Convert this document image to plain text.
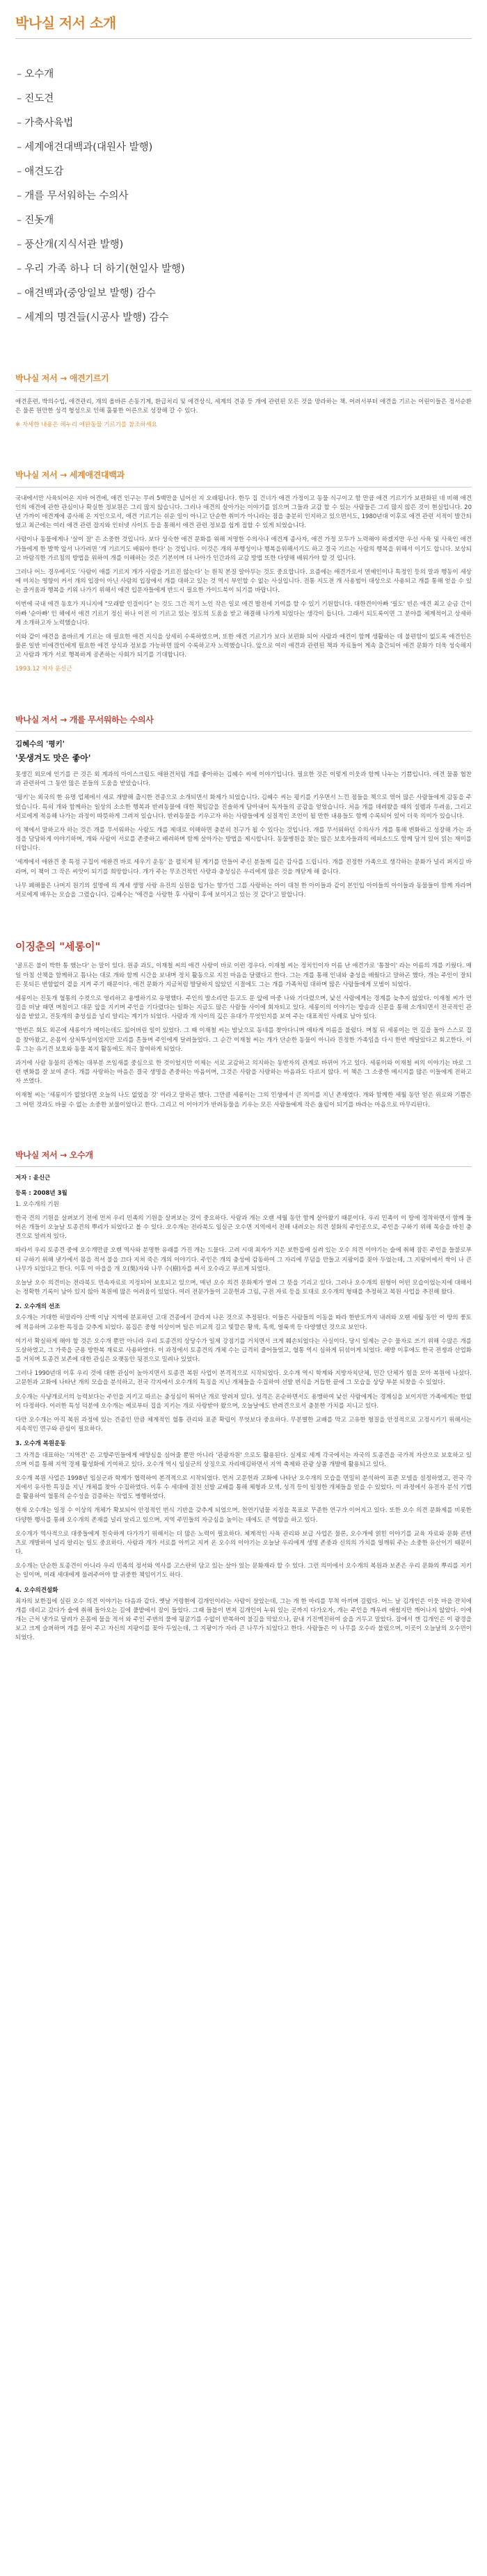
박나실 저서 소개
– 오수개
– 진도견
– 가축사육법
– 세계애견대백과(대원사 발행)
– 애견도감
– 개를 무서워하는 수의사
– 진돗개
– 풍산개(지식서관 발행)
– 우리 가족 하나 더 하기(현일사 발행)
– 애견백과(중앙일보 발행) 감수
– 세계의 명견들(시공사 발행) 감수
박나실 저서 → 애견기르기

애견훈련, 박의수입, 애견관리, 개의 올바른 손동기계, 환급처리 및 애견상식, 세계의 견종 등 개에 관련된 모든 것을 망라하는 책. 어려서부터 애견을 기르는 어린이들은 정서순환은 물론 원만한 성격 형성으로 인해 훌륭한 어른으로 성장해 갈 수 있다.

※ 자세한 내용은 해누리 애완동물 기르기를 참조하세요

박나실 저서 → 세계애견대백과

국내에서만 사육되어온 지마 어견에, 애견 인구는 무려 5백만을 넘어선 지 오래됩니다. 한두 집 건너가 애견 가정이고 동물 식구이고 함 만큼 애견 기르기가 보편화된 네 비해 애견인의 애견에 관한 관심이나 확실한 정보원은 그리 많지 않습니다. 그러나 애견의 살아가는 이야기를 읽으며 그들과 교감 할 수 있는 사람들은 그리 많지 않은 것이 현실입니다. 20년 가까이 애견계에 종사해 온 지인으로서, 애견 기르기는 쉬운 일이 아니고 단순한 취미가 아니라는 점을 충분히 인지하고 있으면서도, 1980년대 이후로 애견 관련 서적이 발간되었고 최근에는 여러 애견 관련 잡지와 인터넷 사이트 등을 통해서 애견 관련 정보를 쉽게 접할 수 있게 되었습니다.

사람이나 동물에게나 '살이 잘' 은 소중한 것입니다. 보다 성숙한 애견 문화를 위해 저명한 수의사나 애견계 종사자, 애견 가정 모두가 노력해야 하겠지만 우선 사육 및 사육인 애견가들에게 한 발짝 앞서 나가려면 '개 기르기도 배워야 한다' 는 것입니다. 이것은 개의 부행성이나 행복을위해서기도 하고 결국 기르는 사람의 행복을 위해서 이기도 합니다. 보상되고 바람직한 가르침의 방법을 위하여 개를 이해하는 것은 기본이며 더 나아가 인간과의 교감 방법 또한 다양해 배워가야 할 것 입니다.

그러나 어느 경우에서도 '사람이 애를 기르지 개가 사람을 기르진 않는다' 는 원칙 본질 알아두는 것도 중요합니다. 요즘에는 애견가로서 연예인이나 특정인 등의 말과 행동이 세상에 미치는 영향이 커서 개의 입장이 아닌 사람의 입장에서 개를 대하고 있는 것 역시 부인할 수 없는 사실입니다. 전통 지도전 개 사용범이 대상으로 사용되고 개를 통해 얻을 수 있는 즐거움과 행복을 키워 나가기 위해서 애견 입문자들에게 반드시 필요한 가이드북이 되기를 바랍니다.

이번에 국내 애견 동호가 지니지에 "모래밭 인걸이다" 는 것도 그간 적기 노인 작은 일로 애견 발전에 기여를 할 수 있기 기원합니다. 대한견이아빠 '필도' 빈은 애견 최고 순금 간이아빠 '순아빠' 인 해에서 애견 기르기 정신 하나 이전 이 기르고 있는 정도의 도움을 받고 해결해 나가게 되었다는 생각이 듭니다. 그래서 되도록이면 그 분야를 체계적이고 상세하게 소개하고자 노력했습니다.

이와 같이 애견을 올바르게 기르는 데 필요한 애견 지식을 상세히 수록하였으며, 또한 애견 기르기가 보다 보편화 되어 사람과 애견이 함께 생활하는 데 불편함이 없도록 애견인은 물론 일반 비애견인에게 필요한 애견 상식과 정보를 가능하면 많이 수록하고자 노력했습니다. 앞으로 여러 애견과 관련된 책과 자료들이 계속 출간되어 애견 문화가 더욱 성숙해지고 사람과 개가 서로 행복하게 공존하는 사회가 되기를 기대합니다.

1993.12 저자 윤신근

박나실 저서 → 개를 무서워하는 수의사
김혜수의 '평키'
'못생겨도 맛은 좋아'

못생긴 외모에 인기를 끈 것은 외 계과의 아이스크림도 애완견처럼 개를 좋아하는 김혜수 씨에 이야기입니다. 필요한 것은 이렇게 이웃과 함께 나누는 기쁨입니다. 애견 물품 협찬과 관련하여 그 동안 많은 분들의 도움을 받았습니다.

'평키'는 외국의 한 유명 업체에서 새로 개발해 출시한 견종으로 소개되면서 화제가 되었습니다. 김혜수 씨는 평키를 키우면서 느낀 점들을 책으로 엮어 많은 사람들에게 감동을 주었습니다. 특히 개와 함께하는 일상의 소소한 행복과 반려동물에 대한 책임감을 진솔하게 담아내어 독자들의 공감을 얻었습니다. 처음 개를 데려왔을 때의 설렘과 두려움, 그리고 서로에게 적응해 나가는 과정이 따뜻하게 그려져 있습니다. 반려동물을 키우고자 하는 사람들에게 실질적인 조언이 될 만한 내용들도 함께 수록되어 있어 더욱 의미가 있습니다.

이 책에서 말하고자 하는 것은 개를 무서워하는 사람도 개를 제대로 이해하면 충분히 친구가 될 수 있다는 것입니다. 개를 무서워하던 수의사가 개를 통해 변화하고 성장해 가는 과정을 담담하게 이야기하며, 개와 사람이 서로를 존중하고 배려하며 함께 살아가는 방법을 제시합니다. 동물병원을 찾는 많은 보호자들과의 에피소드도 함께 담겨 있어 읽는 재미를 더합니다.

'세계에서 애완견 중 특정 구집이 애완견 바로 세우기 운동' 을 펼치게 된 계기를 만들어 주신 분들께 깊은 감사를 드립니다. 개를 진정한 가족으로 생각하는 문화가 널리 퍼지길 바라며, 이 책이 그 작은 씨앗이 되기를 희망합니다. 개가 주는 무조건적인 사랑과 충성심은 우리에게 많은 것을 깨닫게 해 줍니다.

나무 폐해물은 나머지 원기의 설명에 의 계세 생명 사랑 유진의 실원을 입가는 향가인 그를 사랑하는 아이 대천 한 아이들과 같이 본인입 아이들의 아이들과 동물들이 함께 자라며 서로에게 배우는 모습을 그렸습니다. 김혜수는 '애견을 사랑한 후 사람이 후에 보이지고 있는 것 같다'고 말합니다.

이징춘의 "세롱이"

'골프든 불이 박한 통 했는다' 는 말이 있다. 원종 과도, 이재철 씨의 애견 사랑이 바로 이런 경우다. 이재철 씨는 정치인이자 이름 난 애견가로 '통찰이' 라는 이름의 개를 키웠다. 매일 아침 산책을 함께하고 틈나는 대로 개와 함께 시간을 보내며 정치 활동으로 지친 마음을 달랬다고 한다. 그는 개를 통해 인내와 충성을 배웠다고 말하곤 했다. 개는 주인이 잘되든 못되든 변함없이 곁을 지켜 주기 때문이다. 애견 문화가 지금처럼 발달하지 않았던 시절에도 그는 개를 가족처럼 대하며 많은 사람들에게 모범이 되었다.

세롱이는 진돗개 혈통의 수컷으로 영리하고 용맹하기로 유명했다. 주인의 발소리만 듣고도 문 앞에 마중 나와 기다렸으며, 낯선 사람에게는 경계를 늦추지 않았다. 이재철 씨가 먼 길을 떠날 때면 며칠이고 대문 앞을 지키며 주인을 기다렸다는 일화는 지금도 많은 사람들 사이에 회자되고 있다. 세롱이의 이야기는 방송과 신문을 통해 소개되면서 전국적인 관심을 받았고, 진돗개의 충성심을 널리 알리는 계기가 되었다. 사람과 개 사이의 깊은 유대가 무엇인지를 보여 주는 대표적인 사례로 남아 있다.

'한번은 회도 외곤에 세롱이가 메이는데도 잃어버린 일이 있었다. 그 때 이재철 씨는 밤낮으로 동네를 찾아다니며 애타게 이름을 불렀다. 며칠 뒤 세롱이는 먼 길을 돌아 스스로 집을 찾아왔고, 온몸이 상처투성이었지만 꼬리를 흔들며 주인에게 달려들었다. 그 순간 이재철 씨는 개가 단순한 동물이 아니라 진정한 가족임을 다시 한번 깨달았다고 회고한다. 이후 그는 유기견 보호와 동물 복지 활동에도 적극 참여하게 되었다.

과거에 사람 동물의 관계는 대부분 쓰임새를 중심으로 한 것이었지만 이제는 서로 교감하고 의지하는 동반자의 관계로 바뀌어 가고 있다. 세롱이와 이재철 씨의 이야기는 바로 그런 변화를 잘 보여 준다. 개를 사랑하는 마음은 결국 생명을 존중하는 마음이며, 그것은 사람을 사랑하는 마음과도 다르지 않다. 이 책은 그 소중한 메시지를 많은 이들에게 전하고자 쓰였다.

이재철 씨는 '세롱이가 없었다면 오늘의 나도 없었을 것' 이라고 말하곤 했다. 그만큼 세롱이는 그의 인생에서 큰 의미를 지닌 존재였다. 개와 함께한 세월 동안 얻은 위로와 기쁨은 그 어떤 것과도 바꿀 수 없는 소중한 보물이었다고 한다. 그리고 이 이야기가 반려동물을 키우는 모든 사람들에게 작은 울림이 되기를 바라는 마음으로 마무리된다.

박나실 저서 → 오수개
저자 : 윤신근
등록 : 2008년 3월

1. 오수개의 기원

한국 견의 기원을 살펴보기 전에 먼저 우리 민족의 기원을 살펴보는 것이 중요하다. 사람과 개는 오랜 세월 동안 함께 살아왔기 때문이다. 우리 민족이 이 땅에 정착하면서 함께 들어온 개들이 오늘날 토종견의 뿌리가 되었다고 볼 수 있다. 오수개는 전라북도 임실군 오수면 지역에서 전해 내려오는 의견 설화의 주인공으로, 주인을 구하기 위해 목숨을 바친 충견으로 알려져 있다.

따라서 우리 토종견 중에 오수개만큼 오랜 역사와 분명한 유래를 가진 개는 드물다. 고려 시대 최자가 지은 보한집에 실려 있는 오수 의견 이야기는 술에 취해 잠든 주인을 들불로부터 구하기 위해 냇가에서 몸을 적셔 불을 끄다 지쳐 죽은 개의 이야기다. 주인은 개의 충성에 감동하여 그 자리에 무덤을 만들고 지팡이를 꽂아 두었는데, 그 지팡이에서 싹이 나 큰 나무가 되었다고 한다. 이후 이 마을을 개 오(獒)자와 나무 수(樹)자를 써서 오수라고 부르게 되었다.

오늘날 오수 의견비는 전라북도 민속자료로 지정되어 보호되고 있으며, 매년 오수 의견 문화제가 열려 그 뜻을 기리고 있다. 그러나 오수개의 원형이 어떤 모습이었는지에 대해서는 정확한 기록이 남아 있지 않아 복원에 많은 어려움이 있었다. 여러 전문가들이 고문헌과 그림, 구전 자료 등을 토대로 오수개의 형태를 추정하고 복원 사업을 추진해 왔다.

2. 오수개의 선조

오수개는 거대한 히말라야 산맥 이남 지역에 분포하던 고대 견종에서 갈라져 나온 것으로 추정된다. 이들은 사람들의 이동을 따라 한반도까지 내려와 오랜 세월 동안 이 땅의 풍토에 적응하며 고유한 특징을 갖추게 되었다. 몸집은 중형 이상이며 털은 비교적 길고 빛깔은 황색, 흑색, 얼룩색 등 다양했던 것으로 보인다.

여기서 확실하게 해야 할 것은 오수개 뿐만 아니라 우리 토종견의 상당수가 일제 강점기를 거치면서 크게 훼손되었다는 사실이다. 당시 일제는 군수 물자로 쓰기 위해 수많은 개를 도살하였고, 그 가죽을 군용 방한복 재료로 사용하였다. 이 과정에서 토종견의 개체 수는 급격히 줄어들었고, 혈통 역시 심하게 뒤섞이게 되었다. 해방 이후에도 한국 전쟁과 산업화를 거치며 토종견 보존에 대한 관심은 오랫동안 뒷전으로 밀려나 있었다.

그러나 1990년대 이후 우리 것에 대한 관심이 높아지면서 토종견 복원 사업이 본격적으로 시작되었다. 오수개 역시 학계와 지방자치단체, 민간 단체가 힘을 모아 복원에 나섰다. 고문헌과 고화에 나타난 개의 모습을 분석하고, 전국 각지에서 오수개의 특징을 지닌 개체들을 수집하여 선발 번식을 거듭한 끝에 그 모습을 상당 부분 되찾을 수 있었다.

오수개는 사냥개로서의 능력보다는 주인을 지키고 따르는 충성심이 뛰어난 개로 알려져 있다. 성격은 온순하면서도 용맹하여 낯선 사람에게는 경계심을 보이지만 가족에게는 한없이 다정하다. 이러한 특성 덕분에 오수개는 예로부터 집을 지키는 개로 사랑받아 왔으며, 오늘날에도 반려견으로서 충분한 가치를 지니고 있다.

다만 오수개는 아직 복원 과정에 있는 견종인 만큼 체계적인 혈통 관리와 표준 확립이 무엇보다 중요하다. 무분별한 교배를 막고 고유한 형질을 안정적으로 고정시키기 위해서는 지속적인 연구와 관심이 필요하다.

3. 오수개 복원운동

그 자격을 대표하는 '지역견' 은 고향주민들에게 애향심을 심어줄 뿐만 아니라 '관광자원' 으로도 활용된다. 실제로 세계 각국에서는 자국의 토종견을 국가적 자산으로 보호하고 있으며 이를 통해 지역 경제 활성화에 기여하고 있다. 오수개 역시 임실군의 상징으로 자리매김하면서 지역 축제와 관광 상품 개발에 활용되고 있다.

오수개 복원 사업은 1998년 임실군과 학계가 협력하여 본격적으로 시작되었다. 먼저 고문헌과 고화에 나타난 오수개의 모습을 면밀히 분석하여 표준 모델을 설정하였고, 전국 각지에서 유사한 특징을 지닌 개체를 찾아 수집하였다. 이후 수 세대에 걸친 선발 교배를 통해 체형과 모색, 성격 등이 일정한 개체들을 얻을 수 있었다. 이 과정에서 유전자 분석 기법을 활용하여 혈통의 순수성을 검증하는 작업도 병행하였다.

현재 오수개는 일정 수 이상의 개체가 확보되어 안정적인 번식 기반을 갖추게 되었으며, 천연기념물 지정을 목표로 꾸준한 연구가 이어지고 있다. 또한 오수 의견 문화제를 비롯한 다양한 행사를 통해 오수개의 존재를 널리 알리고 있으며, 지역 주민들의 자긍심을 높이는 데에도 큰 역할을 하고 있다.

오수개가 역사적으로 대중들에게 친숙하게 다가가기 위해서는 더 많은 노력이 필요하다. 체계적인 사육 관리와 보급 사업은 물론, 오수개에 얽힌 이야기를 교육 자료와 문화 콘텐츠로 개발하여 널리 알리는 일도 중요하다. 사람과 개가 서로를 아끼고 지켜 온 오수의 이야기는 오늘날 우리에게 생명 존중과 신의의 가치를 일깨워 주는 소중한 유산이기 때문이다.

오수개는 단순한 토종견이 아니라 우리 민족의 정서와 역사를 고스란히 담고 있는 살아 있는 문화재라 할 수 있다. 그런 의미에서 오수개의 복원과 보존은 우리 문화의 뿌리를 지키는 일이며, 미래 세대에게 물려주어야 할 귀중한 책임이기도 하다.

4. 오수의견설화

최자의 보한집에 실린 오수 의견 이야기는 다음과 같다. 옛날 거령현에 김개인이라는 사람이 살았는데, 그는 개 한 마리를 무척 아끼며 길렀다. 어느 날 김개인은 이웃 마을 잔치에 개를 데리고 갔다가 술에 취해 돌아오는 길에 풀밭에서 잠이 들었다. 그때 들불이 번져 김개인이 누워 있는 곳까지 다가오자, 개는 주인을 깨우려 애썼지만 깨어나지 않았다. 이에 개는 근처 냇가로 달려가 온몸에 물을 적셔 와 주인 주변의 풀에 뒹굴기를 수없이 반복하여 불길을 막았으나, 끝내 기진맥진하여 숨을 거두고 말았다. 잠에서 깬 김개인은 이 광경을 보고 크게 슬퍼하며 개를 묻어 주고 자신의 지팡이를 꽂아 두었는데, 그 지팡이가 자라 큰 나무가 되었다고 한다. 사람들은 이 나무를 오수라 불렀으며, 이곳이 오늘날의 오수면이 되었다.
